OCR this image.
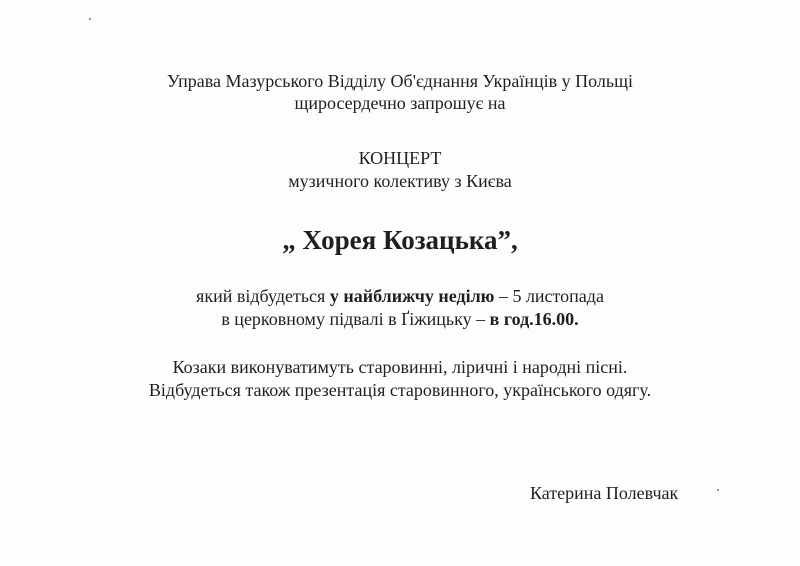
Управа Мазурського Відділу Об'єднання Українців у Польщі
щиросердечно запрошує на
КОНЦЕРТ
музичного колективу з Києва
„ Хорея Козацька”,
який відбудеться у найближчу неділю – 5 листопада
в церковному підвалі в Ґіжицьку – в год.16.00.
Козаки виконуватимуть старовинні, ліричні і народні пісні.
Відбудеться також презентація старовинного, українського одягу.
Катерина Полевчак
